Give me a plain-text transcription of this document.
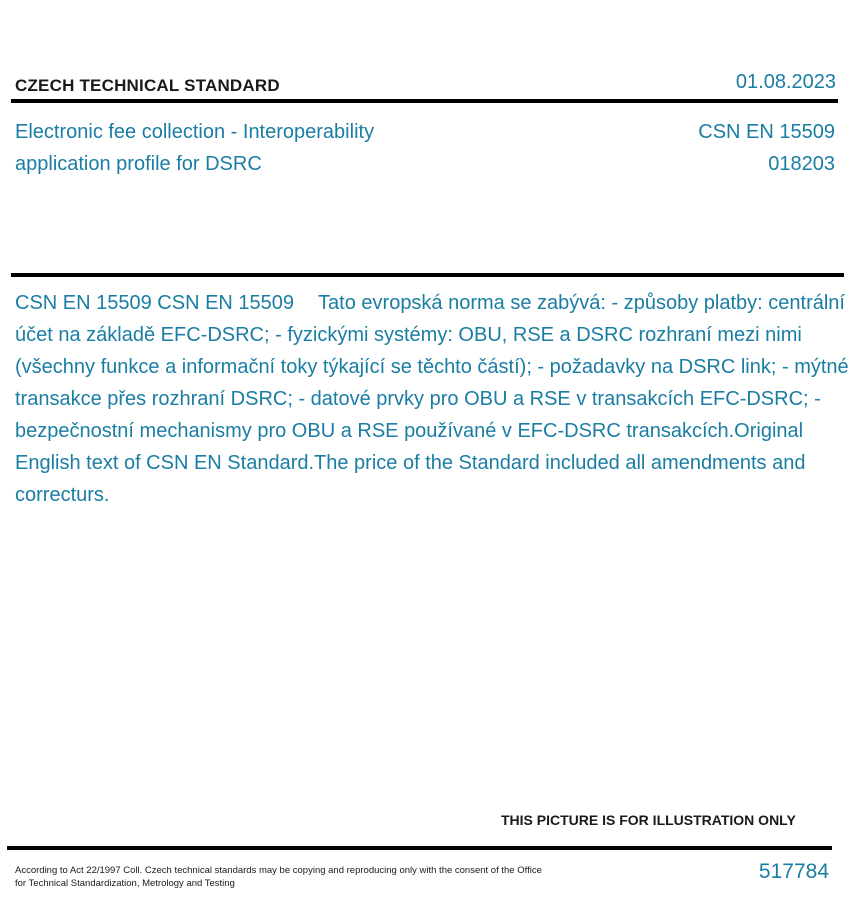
CZECH TECHNICAL STANDARD	01.08.2023
Electronic fee collection - Interoperability
application profile for DSRC
CSN EN 15509
018203
CSN EN 15509 CSN EN 15509 Tato evropská norma se zabývá: - způsoby platby: centrální účet na základě EFC-DSRC; - fyzickými systémy: OBU, RSE a DSRC rozhraní mezi nimi (všechny funkce a informační toky týkající se těchto částí); - požadavky na DSRC link; - mýtné transakce přes rozhraní DSRC; - datové prvky pro OBU a RSE v transakcích EFC-DSRC; - bezpečnostní mechanismy pro OBU a RSE používané v EFC-DSRC transakcích.Original English text of CSN EN Standard.The price of the Standard included all amendments and correcturs.
THIS PICTURE IS FOR ILLUSTRATION ONLY
According to Act 22/1997 Coll. Czech technical standards may be copying and reproducing only with the consent of the Office
for Technical Standardization, Metrology and Testing
517784
